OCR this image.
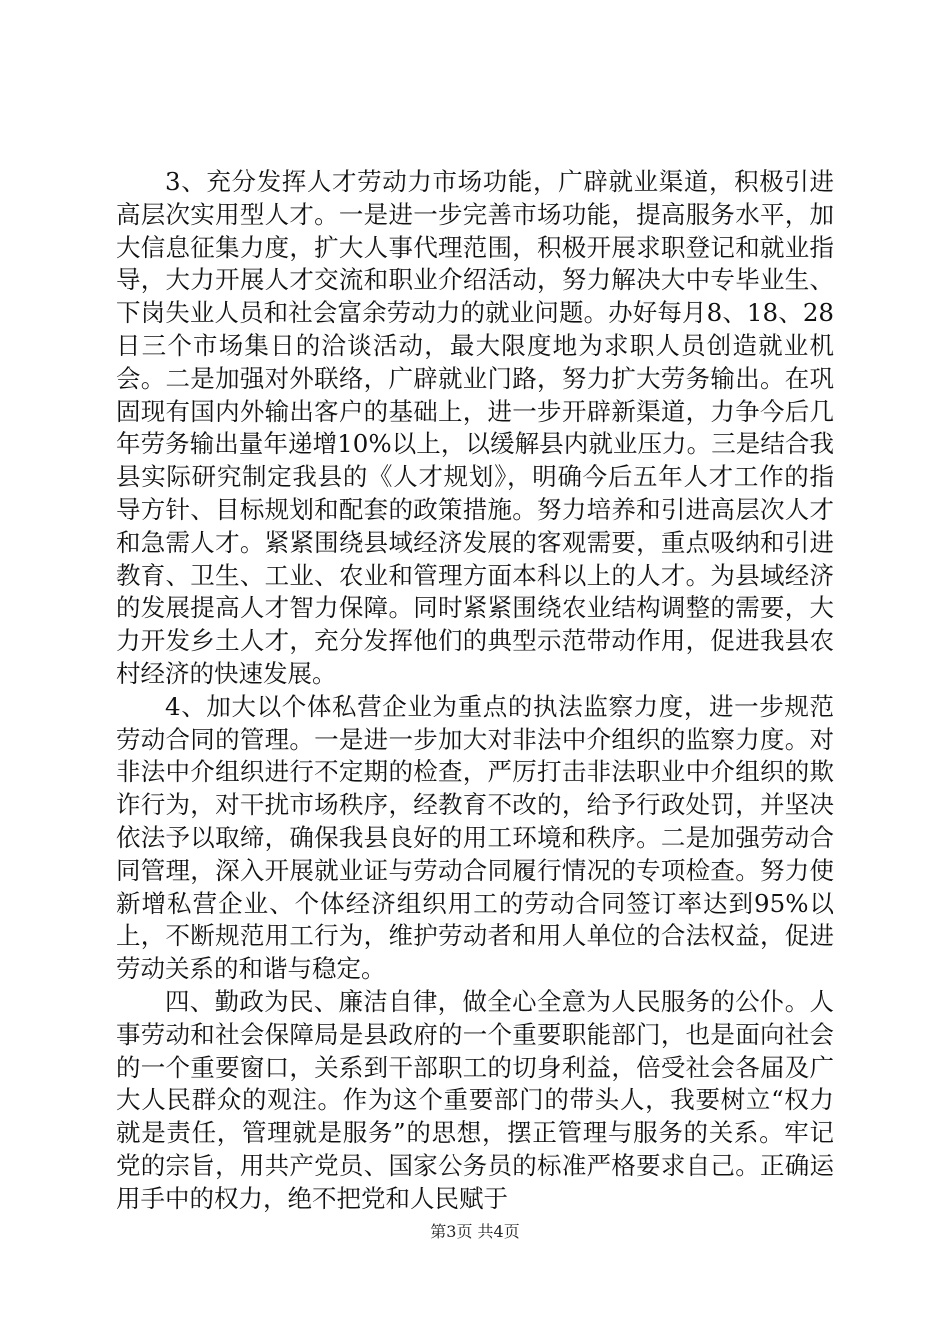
3、充分发挥人才劳动力市场功能，广辟就业渠道，积极引进高层次实用型人才。一是进一步完善市场功能，提高服务水平，加大信息征集力度，扩大人事代理范围，积极开展求职登记和就业指导，大力开展人才交流和职业介绍活动，努力解决大中专毕业生、下岗失业人员和社会富余劳动力的就业问题。办好每月8、18、28日三个市场集日的洽谈活动，最大限度地为求职人员创造就业机会。二是加强对外联络，广辟就业门路，努力扩大劳务输出。在巩固现有国内外输出客户的基础上，进一步开辟新渠道，力争今后几年劳务输出量年递增10%以上，以缓解县内就业压力。三是结合我县实际研究制定我县的《人才规划》，明确今后五年人才工作的指导方针、目标规划和配套的政策措施。努力培养和引进高层次人才和急需人才。紧紧围绕县域经济发展的客观需要，重点吸纳和引进教育、卫生、工业、农业和管理方面本科以上的人才。为县域经济的发展提高人才智力保障。同时紧紧围绕农业结构调整的需要，大力开发乡土人才，充分发挥他们的典型示范带动作用，促进我县农村经济的快速发展。

4、加大以个体私营企业为重点的执法监察力度，进一步规范劳动合同的管理。一是进一步加大对非法中介组织的监察力度。对非法中介组织进行不定期的检查，严厉打击非法职业中介组织的欺诈行为，对干扰市场秩序，经教育不改的，给予行政处罚，并坚决依法予以取缔，确保我县良好的用工环境和秩序。二是加强劳动合同管理，深入开展就业证与劳动合同履行情况的专项检查。努力使新增私营企业、个体经济组织用工的劳动合同签订率达到95%以上，不断规范用工行为，维护劳动者和用人单位的合法权益，促进劳动关系的和谐与稳定。

四、勤政为民、廉洁自律，做全心全意为人民服务的公仆。人事劳动和社会保障局是县政府的一个重要职能部门，也是面向社会的一个重要窗口，关系到干部职工的切身利益，倍受社会各届及广大人民群众的观注。作为这个重要部门的带头人，我要树立“权力就是责任，管理就是服务”的思想，摆正管理与服务的关系。牢记党的宗旨，用共产党员、国家公务员的标准严格要求自己。正确运用手中的权力，绝不把党和人民赋于

第3页 共4页
